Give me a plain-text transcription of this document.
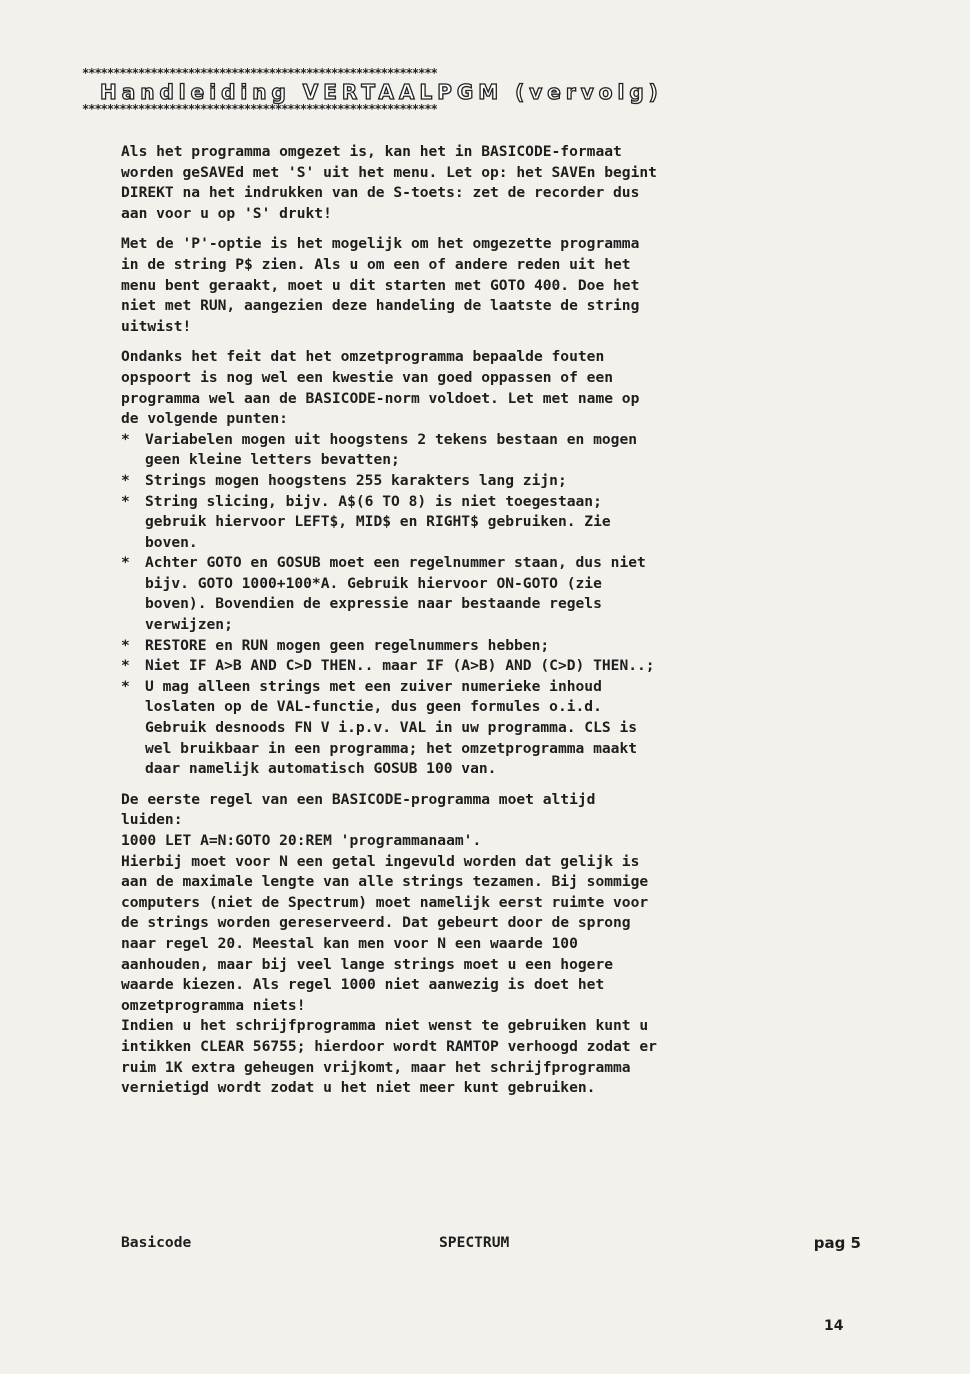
*********************************************************
Handleiding VERTAALPGM (vervolg)
*********************************************************
Als het programma omgezet is, kan het in BASICODE-formaat
worden geSAVEd met 'S' uit het menu. Let op: het SAVEn begint
DIREKT na het indrukken van de S-toets: zet de recorder dus
aan voor u op 'S' drukt!
Met de 'P'-optie is het mogelijk om het omgezette programma
in de string P$ zien. Als u om een of andere reden uit het
menu bent geraakt, moet u dit starten met GOTO 400. Doe het
niet met RUN, aangezien deze handeling de laatste de string
uitwist!
Ondanks het feit dat het omzetprogramma bepaalde fouten
opspoort is nog wel een kwestie van goed oppassen of een
programma wel aan de BASICODE-norm voldoet. Let met name op
de volgende punten:
*	Variabelen mogen uit hoogstens 2 tekens bestaan en mogen
geen kleine letters bevatten;
*	Strings mogen hoogstens 255 karakters lang zijn;
*	String slicing, bijv. A$(6 TO 8) is niet toegestaan;
gebruik hiervoor LEFT$, MID$ en RIGHT$ gebruiken. Zie
boven.
*	Achter GOTO en GOSUB moet een regelnummer staan, dus niet
bijv. GOTO 1000+100*A. Gebruik hiervoor ON-GOTO (zie
boven). Bovendien de expressie naar bestaande regels
verwijzen;
*	RESTORE en RUN mogen geen regelnummers hebben;
*	Niet IF A>B AND C>D THEN.. maar IF (A>B) AND (C>D) THEN..;
*	U mag alleen strings met een zuiver numerieke inhoud
loslaten op de VAL-functie, dus geen formules o.i.d.
Gebruik desnoods FN V i.p.v. VAL in uw programma. CLS is
wel bruikbaar in een programma; het omzetprogramma maakt
daar namelijk automatisch GOSUB 100 van.
De eerste regel van een BASICODE-programma moet altijd
luiden:
1000 LET A=N:GOTO 20:REM 'programmanaam'.
Hierbij moet voor N een getal ingevuld worden dat gelijk is
aan de maximale lengte van alle strings tezamen. Bij sommige
computers (niet de Spectrum) moet namelijk eerst ruimte voor
de strings worden gereserveerd. Dat gebeurt door de sprong
naar regel 20. Meestal kan men voor N een waarde 100
aanhouden, maar bij veel lange strings moet u een hogere
waarde kiezen. Als regel 1000 niet aanwezig is doet het
omzetprogramma niets!
Indien u het schrijfprogramma niet wenst te gebruiken kunt u
intikken CLEAR 56755; hierdoor wordt RAMTOP verhoogd zodat er
ruim 1K extra geheugen vrijkomt, maar het schrijfprogramma
vernietigd wordt zodat u het niet meer kunt gebruiken.
Basicode	SPECTRUM	pag 5
14
